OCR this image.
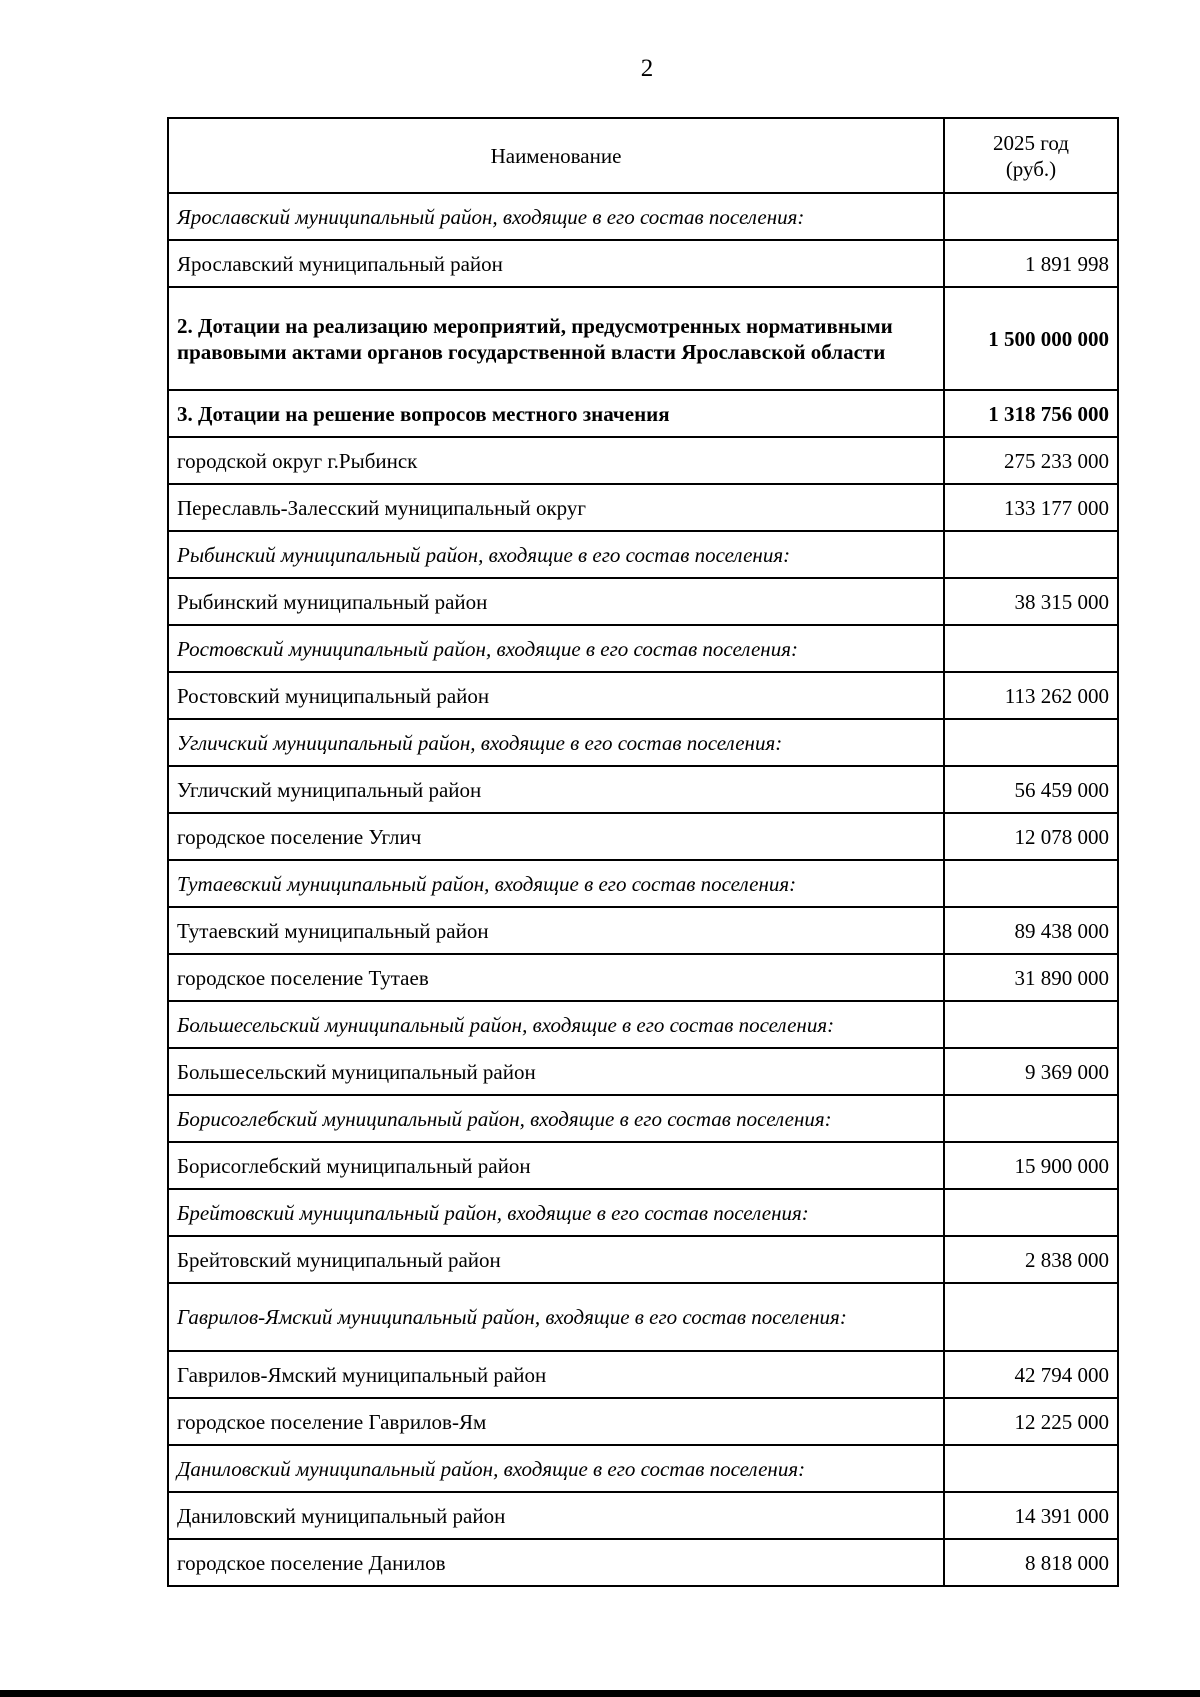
2
Наименование	2025 год
(руб.)
Ярославский муниципальный район, входящие в его состав поселения:	
Ярославский муниципальный район	1 891 998
2. Дотации на реализацию мероприятий, предусмотренных нормативными правовыми актами органов государственной власти Ярославской области	1 500 000 000
3. Дотации на решение вопросов местного значения	1 318 756 000
городской округ г.Рыбинск	275 233 000
Переславль-Залесский муниципальный округ	133 177 000
Рыбинский муниципальный район, входящие в его состав поселения:	
Рыбинский муниципальный район	38 315 000
Ростовский муниципальный район, входящие в его состав поселения:	
Ростовский муниципальный район	113 262 000
Угличский муниципальный район, входящие в его состав поселения:	
Угличский муниципальный район	56 459 000
городское поселение Углич	12 078 000
Тутаевский муниципальный район, входящие в его состав поселения:	
Тутаевский муниципальный район	89 438 000
городское поселение Тутаев	31 890 000
Большесельский муниципальный район, входящие в его состав поселения:	
Большесельский муниципальный район	9 369 000
Борисоглебский муниципальный район, входящие в его состав поселения:	
Борисоглебский муниципальный район	15 900 000
Брейтовский муниципальный район, входящие в его состав поселения:	
Брейтовский муниципальный район	2 838 000
Гаврилов-Ямский муниципальный район, входящие в его состав поселения:	
Гаврилов-Ямский муниципальный район	42 794 000
городское поселение Гаврилов-Ям	12 225 000
Даниловский муниципальный район, входящие в его состав поселения:	
Даниловский муниципальный район	14 391 000
городское поселение Данилов	8 818 000
